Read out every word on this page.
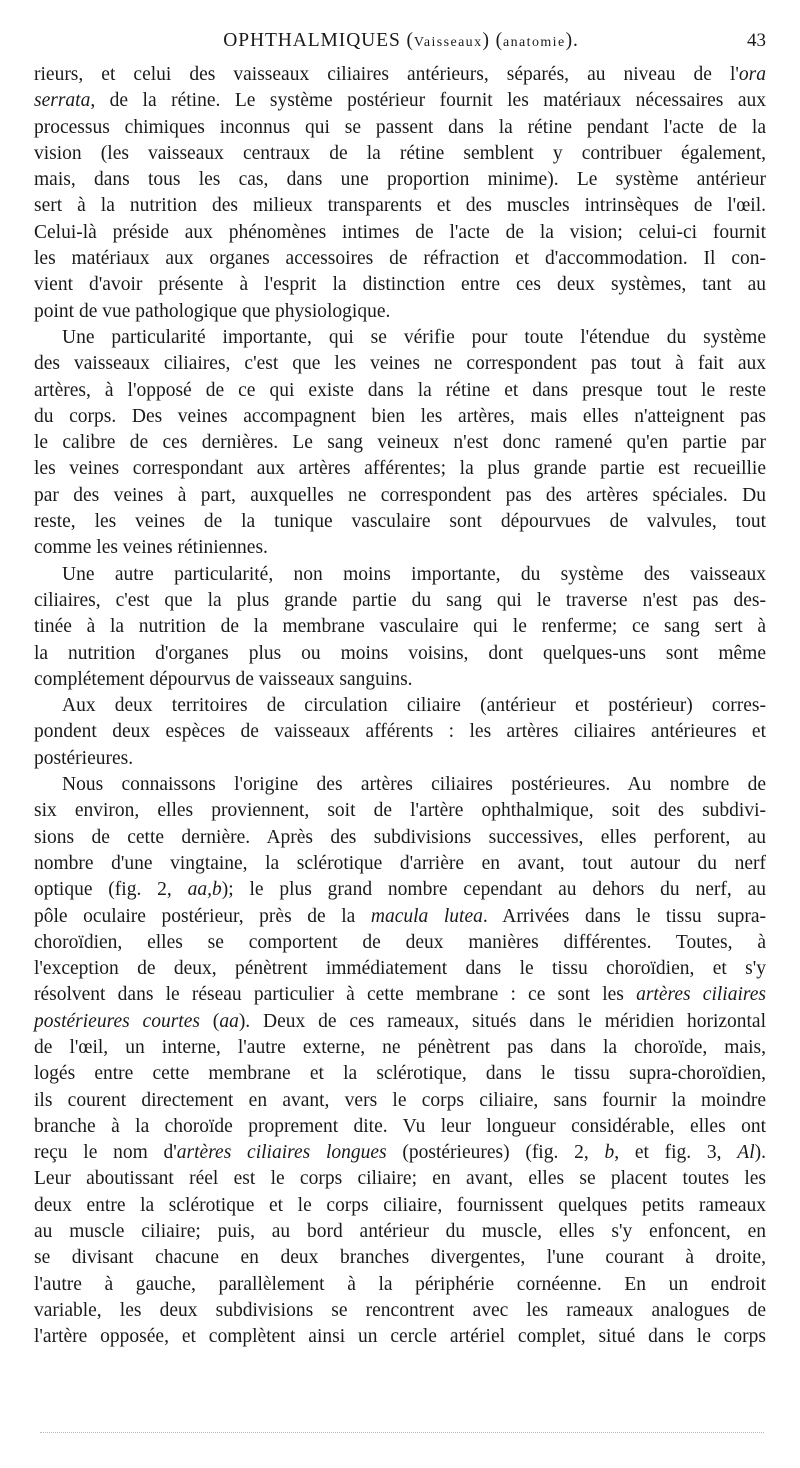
OPHTHALMIQUES (Vaisseaux) (anatomie).	43
rieurs, et celui des vaisseaux ciliaires antérieurs, séparés, au niveau de l'ora
serrata, de la rétine. Le système postérieur fournit les matériaux nécessaires aux
processus chimiques inconnus qui se passent dans la rétine pendant l'acte de la
vision (les vaisseaux centraux de la rétine semblent y contribuer également,
mais, dans tous les cas, dans une proportion minime). Le système antérieur
sert à la nutrition des milieux transparents et des muscles intrinsèques de l'œil.
Celui-là préside aux phénomènes intimes de l'acte de la vision; celui-ci fournit
les matériaux aux organes accessoires de réfraction et d'accommodation. Il con-
vient d'avoir présente à l'esprit la distinction entre ces deux systèmes, tant au
point de vue pathologique que physiologique.
Une particularité importante, qui se vérifie pour toute l'étendue du système
des vaisseaux ciliaires, c'est que les veines ne correspondent pas tout à fait aux
artères, à l'opposé de ce qui existe dans la rétine et dans presque tout le reste
du corps. Des veines accompagnent bien les artères, mais elles n'atteignent pas
le calibre de ces dernières. Le sang veineux n'est donc ramené qu'en partie par
les veines correspondant aux artères afférentes; la plus grande partie est recueillie
par des veines à part, auxquelles ne correspondent pas des artères spéciales. Du
reste, les veines de la tunique vasculaire sont dépourvues de valvules, tout
comme les veines rétiniennes.
Une autre particularité, non moins importante, du système des vaisseaux
ciliaires, c'est que la plus grande partie du sang qui le traverse n'est pas des-
tinée à la nutrition de la membrane vasculaire qui le renferme; ce sang sert à
la nutrition d'organes plus ou moins voisins, dont quelques-uns sont même
complétement dépourvus de vaisseaux sanguins.
Aux deux territoires de circulation ciliaire (antérieur et postérieur) corres-
pondent deux espèces de vaisseaux afférents : les artères ciliaires antérieures et
postérieures.
Nous connaissons l'origine des artères ciliaires postérieures. Au nombre de
six environ, elles proviennent, soit de l'artère ophthalmique, soit des subdivi-
sions de cette dernière. Après des subdivisions successives, elles perforent, au
nombre d'une vingtaine, la sclérotique d'arrière en avant, tout autour du nerf
optique (fig. 2, aa,b); le plus grand nombre cependant au dehors du nerf, au
pôle oculaire postérieur, près de la macula lutea. Arrivées dans le tissu supra-
choroïdien, elles se comportent de deux manières différentes. Toutes, à
l'exception de deux, pénètrent immédiatement dans le tissu choroïdien, et s'y
résolvent dans le réseau particulier à cette membrane : ce sont les artères ciliaires
postérieures courtes (aa). Deux de ces rameaux, situés dans le méridien horizontal
de l'œil, un interne, l'autre externe, ne pénètrent pas dans la choroïde, mais,
logés entre cette membrane et la sclérotique, dans le tissu supra-choroïdien,
ils courent directement en avant, vers le corps ciliaire, sans fournir la moindre
branche à la choroïde proprement dite. Vu leur longueur considérable, elles ont
reçu le nom d'artères ciliaires longues (postérieures) (fig. 2, b, et fig. 3, Al).
Leur aboutissant réel est le corps ciliaire; en avant, elles se placent toutes les
deux entre la sclérotique et le corps ciliaire, fournissent quelques petits rameaux
au muscle ciliaire; puis, au bord antérieur du muscle, elles s'y enfoncent, en
se divisant chacune en deux branches divergentes, l'une courant à droite,
l'autre à gauche, parallèlement à la périphérie cornéenne. En un endroit
variable, les deux subdivisions se rencontrent avec les rameaux analogues de
l'artère opposée, et complètent ainsi un cercle artériel complet, situé dans le corps
